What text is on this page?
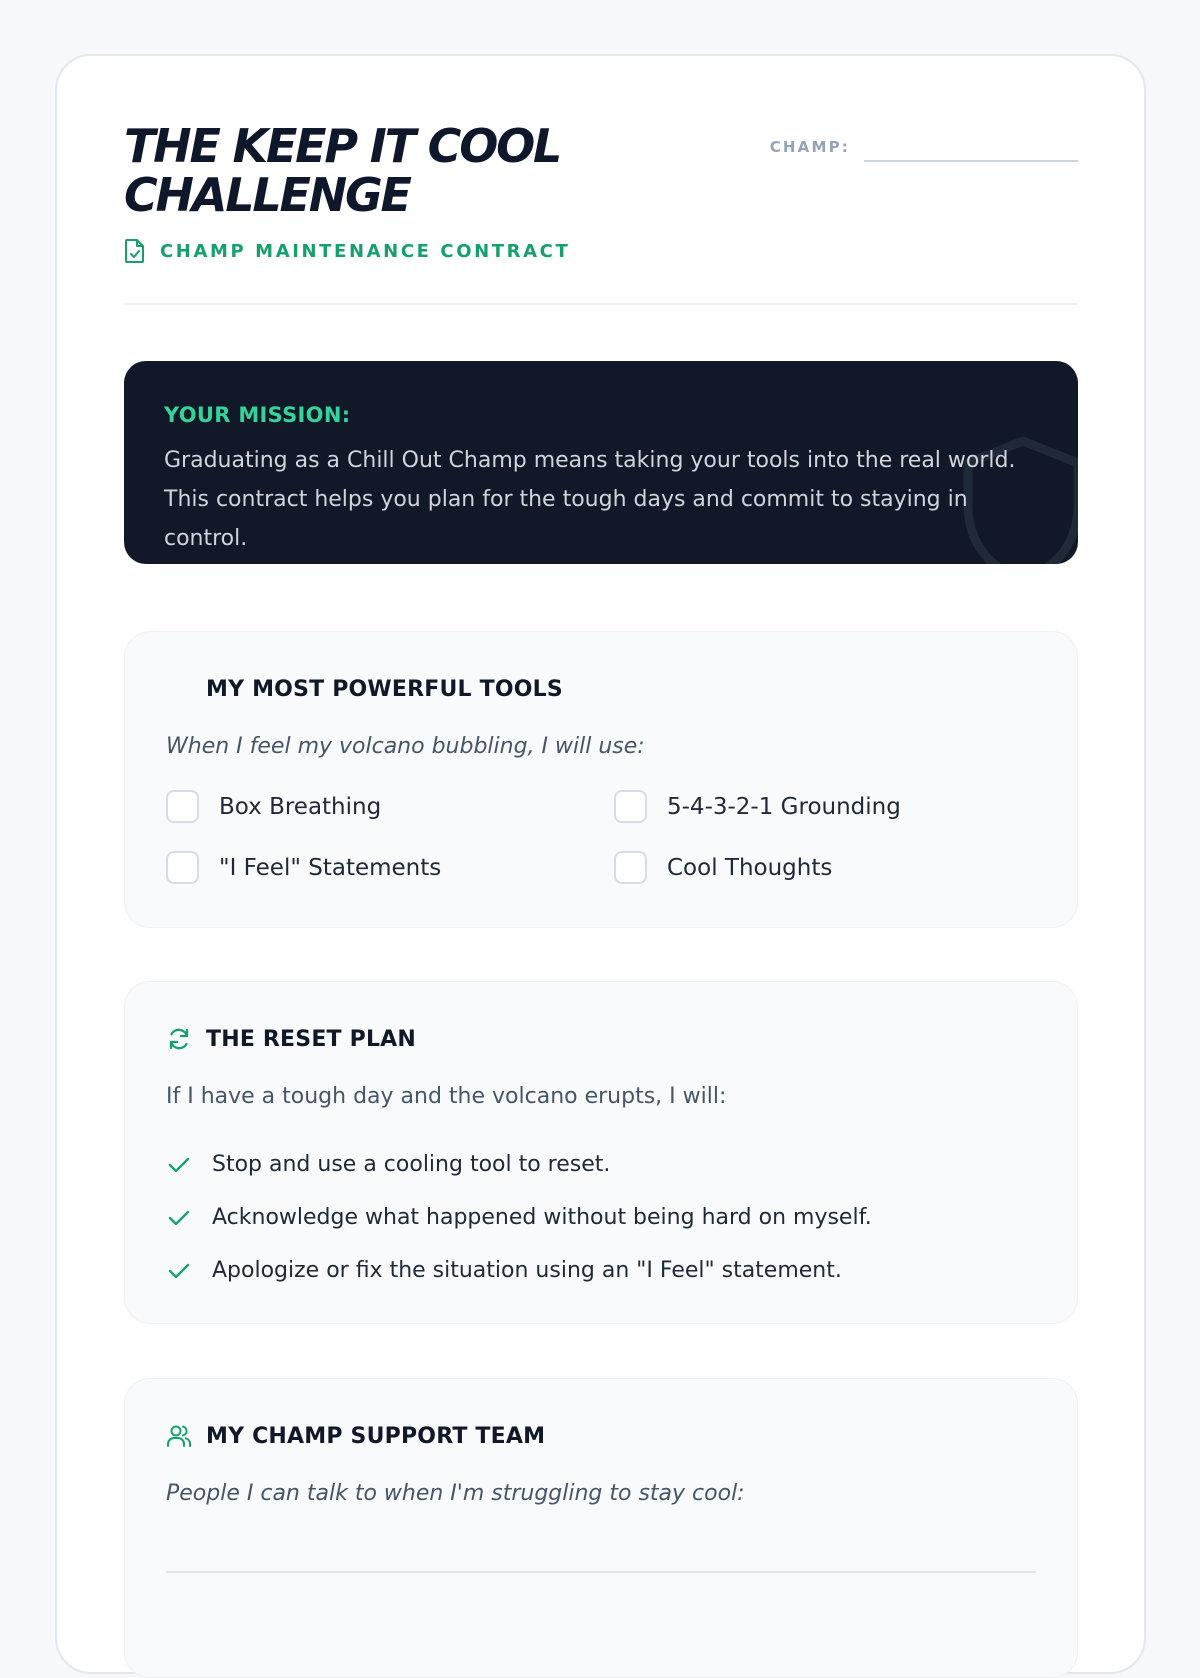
THE KEEP IT COOL CHALLENGE
CHAMP MAINTENANCE CONTRACT
CHAMP:
YOUR MISSION:
Graduating as a Chill Out Champ means taking your tools into the real world. This contract helps you plan for the tough days and commit to staying in control.
MY MOST POWERFUL TOOLS
When I feel my volcano bubbling, I will use:
Box Breathing	5-4-3-2-1 Grounding
"I Feel" Statements	Cool Thoughts
THE RESET PLAN
If I have a tough day and the volcano erupts, I will:
Stop and use a cooling tool to reset.
Acknowledge what happened without being hard on myself.
Apologize or fix the situation using an "I Feel" statement.
MY CHAMP SUPPORT TEAM
People I can talk to when I'm struggling to stay cool:
